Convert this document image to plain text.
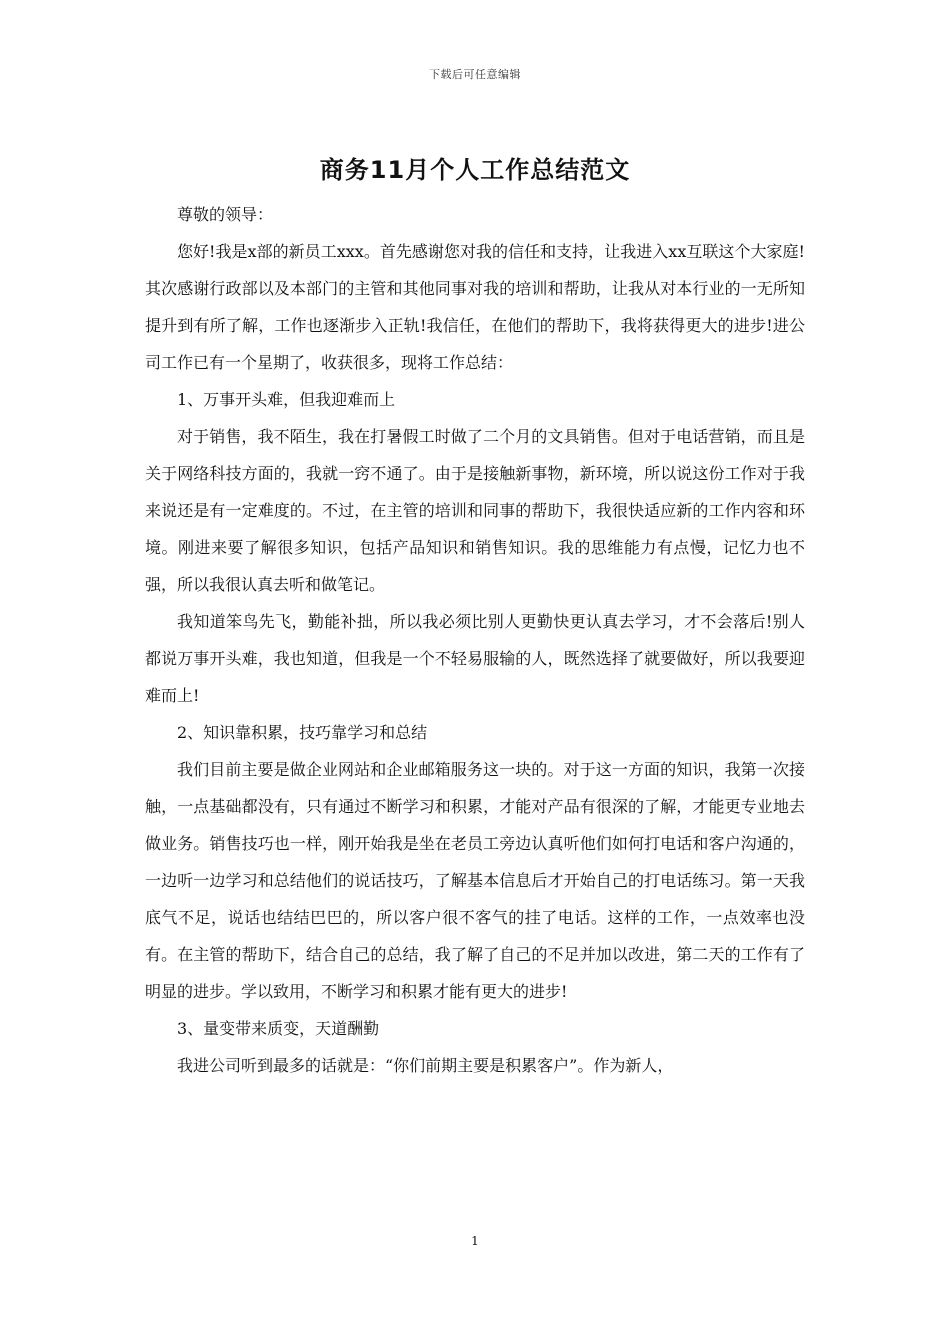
下载后可任意编辑
商务11月个人工作总结范文

尊敬的领导：

您好!我是x部的新员工xxx。首先感谢您对我的信任和支持，让我进入xx互联这个大家庭!其次感谢行政部以及本部门的主管和其他同事对我的培训和帮助，让我从对本行业的一无所知提升到有所了解，工作也逐渐步入正轨!我信任，在他们的帮助下，我将获得更大的进步!进公司工作已有一个星期了，收获很多，现将工作总结：

1、万事开头难，但我迎难而上

对于销售，我不陌生，我在打暑假工时做了二个月的文具销售。但对于电话营销，而且是关于网络科技方面的，我就一窍不通了。由于是接触新事物，新环境，所以说这份工作对于我来说还是有一定难度的。不过，在主管的培训和同事的帮助下，我很快适应新的工作内容和环境。刚进来要了解很多知识，包括产品知识和销售知识。我的思维能力有点慢，记忆力也不强，所以我很认真去听和做笔记。

我知道笨鸟先飞，勤能补拙，所以我必须比别人更勤快更认真去学习，才不会落后!别人都说万事开头难，我也知道，但我是一个不轻易服输的人，既然选择了就要做好，所以我要迎难而上!

2、知识靠积累，技巧靠学习和总结

我们目前主要是做企业网站和企业邮箱服务这一块的。对于这一方面的知识，我第一次接触，一点基础都没有，只有通过不断学习和积累，才能对产品有很深的了解，才能更专业地去做业务。销售技巧也一样，刚开始我是坐在老员工旁边认真听他们如何打电话和客户沟通的，一边听一边学习和总结他们的说话技巧，了解基本信息后才开始自己的打电话练习。第一天我底气不足，说话也结结巴巴的，所以客户很不客气的挂了电话。这样的工作，一点效率也没有。在主管的帮助下，结合自己的总结，我了解了自己的不足并加以改进，第二天的工作有了明显的进步。学以致用，不断学习和积累才能有更大的进步!

3、量变带来质变，天道酬勤

我进公司听到最多的话就是：“你们前期主要是积累客户”。作为新人，

1
